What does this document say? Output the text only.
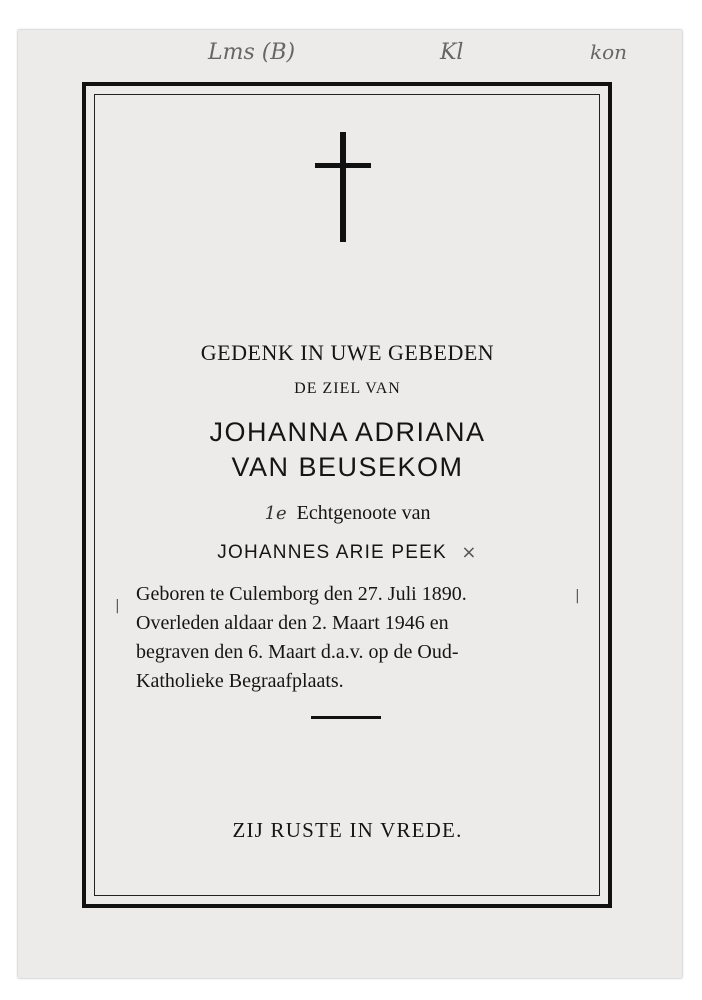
Lms (B)	Kl	kon
GEDENK IN UWE GEBEDEN
DE ZIEL VAN
JOHANNA ADRIANA
VAN BEUSEKOM
1e Echtgenoote van
JOHANNES ARIE PEEK ×
Geboren te Culemborg den 27. Juli 1890.
Overleden aldaar den 2. Maart 1946 en
begraven den 6. Maart d.a.v. op de Oud-
Katholieke Begraafplaats.
|
|
ZIJ RUSTE IN VREDE.
